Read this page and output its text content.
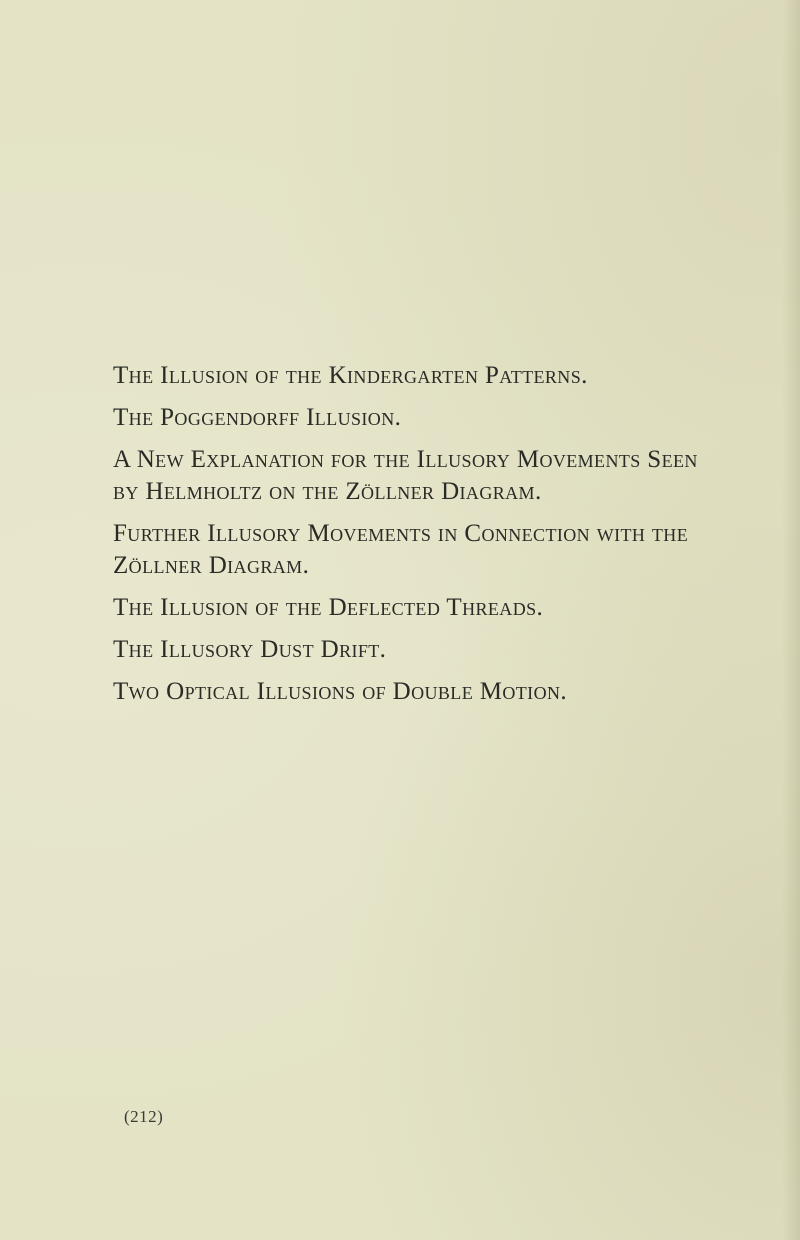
The Illusion of the Kindergarten Patterns.
The Poggendorff Illusion.
A New Explanation for the Illusory Movements Seen
by Helmholtz on the Zöllner Diagram.
Further Illusory Movements in Connection with the
Zöllner Diagram.
The Illusion of the Deflected Threads.
The Illusory Dust Drift.
Two Optical Illusions of Double Motion.
(212)
